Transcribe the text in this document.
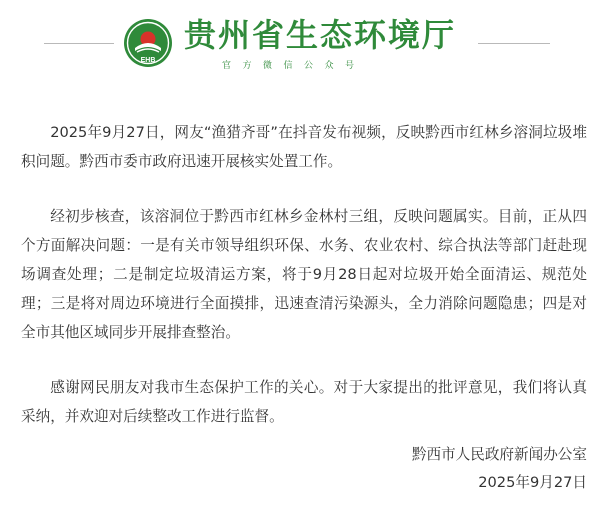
EHB
贵州省生态环境厅
官方微信公众号

2025年9月27日，网友“渔猎齐哥”在抖音发布视频，反映黔西市红林乡溶洞垃圾堆积问题。黔西市委市政府迅速开展核实处置工作。

经初步核查，该溶洞位于黔西市红林乡金林村三组，反映问题属实。目前，正从四个方面解决问题：一是有关市领导组织环保、水务、农业农村、综合执法等部门赶赴现场调查处理；二是制定垃圾清运方案，将于9月28日起对垃圾开始全面清运、规范处理；三是将对周边环境进行全面摸排，迅速查清污染源头，全力消除问题隐患；四是对全市其他区域同步开展排查整治。

感谢网民朋友对我市生态保护工作的关心。对于大家提出的批评意见，我们将认真采纳，并欢迎对后续整改工作进行监督。

黔西市人民政府新闻办公室
2025年9月27日
